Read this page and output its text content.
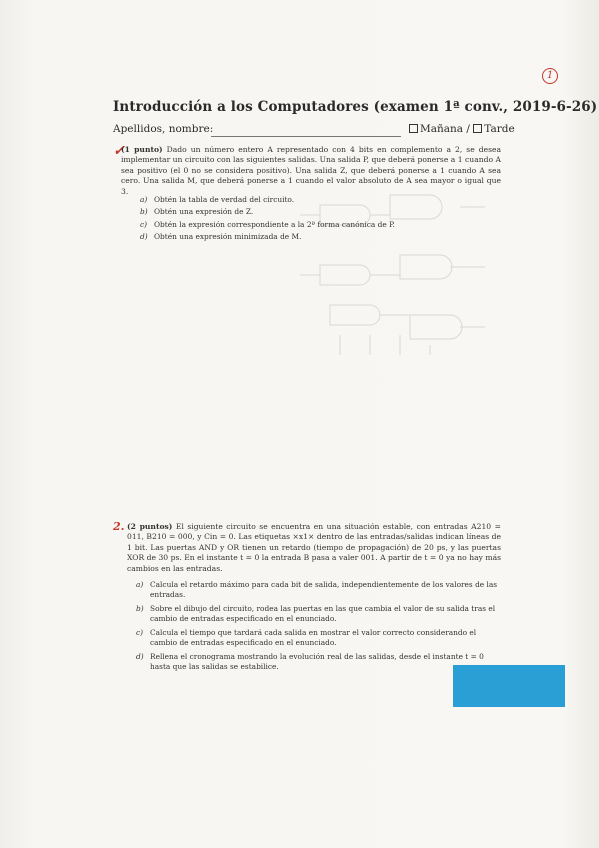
1
Introducción a los Computadores (examen 1ª conv., 2019-6-26)
Apellidos, nombre:	Mañana / Tarde
✓
(1 punto) Dado un número entero A representado con 4 bits en complemento a 2, se desea implementar un circuito con las siguientes salidas. Una salida P, que deberá ponerse a 1 cuando A sea positivo (el 0 no se considera positivo). Una salida Z, que deberá ponerse a 1 cuando A sea cero. Una salida M, que deberá ponerse a 1 cuando el valor absoluto de A sea mayor o igual que 3.
a) Obtén la tabla de verdad del circuito.
b) Obtén una expresión de Z.
c) Obtén la expresión correspondiente a la 2ª forma canónica de P.
d) Obtén una expresión minimizada de M.
2. (2 puntos) El siguiente circuito se encuentra en una situación estable, con entradas A210 = 011, B210 = 000, y Cin = 0. Las etiquetas ×x1× dentro de las entradas/salidas indican líneas de 1 bit. Las puertas AND y OR tienen un retardo (tiempo de propagación) de 20 ps, y las puertas XOR de 30 ps. En el instante t = 0 la entrada B pasa a valer 001. A partir de t = 0 ya no hay más cambios en las entradas.
a) Calcula el retardo máximo para cada bit de salida, independientemente de los valores de las entradas.
b) Sobre el dibujo del circuito, rodea las puertas en las que cambia el valor de su salida tras el cambio de entradas especificado en el enunciado.
c) Calcula el tiempo que tardará cada salida en mostrar el valor correcto considerando el cambio de entradas especificado en el enunciado.
d) Rellena el cronograma mostrando la evolución real de las salidas, desde el instante t = 0 hasta que las salidas se estabilice.
